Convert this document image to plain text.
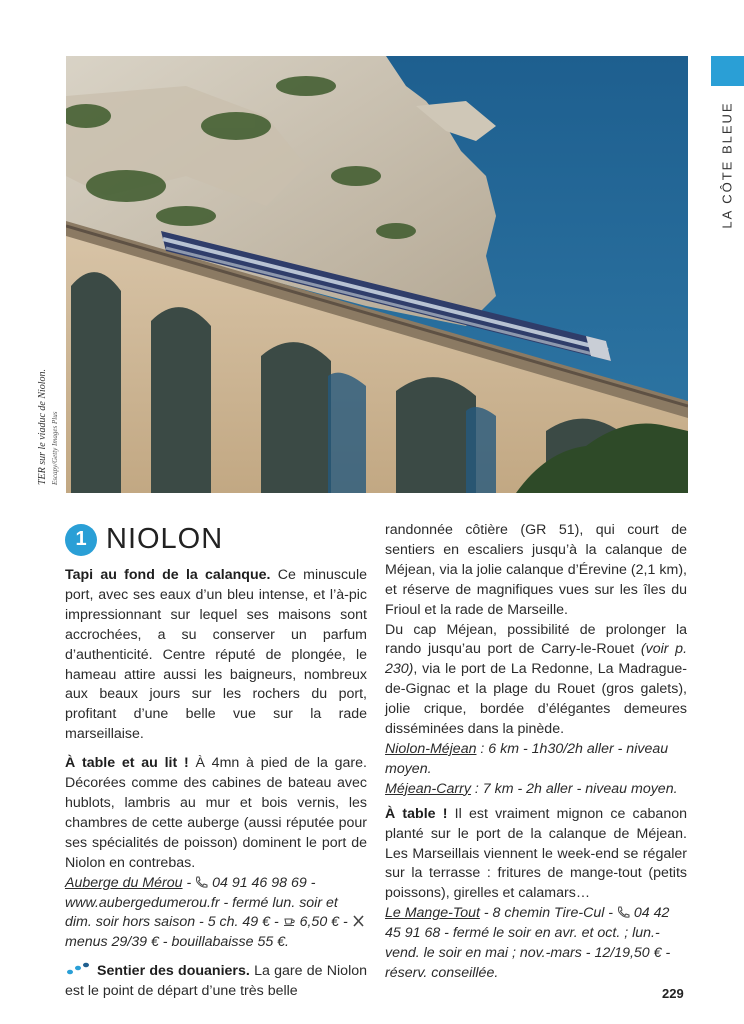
LA CÔTE BLEUE
TER sur le viaduc de Niolon. Escapy/Getty Images Plus
1 NIOLON

Tapi au fond de la calanque. Ce minuscule port, avec ses eaux d’un bleu intense, et l’à-pic impressionnant sur lequel ses maisons sont accrochées, a su conserver un parfum d’authenticité. Centre réputé de plongée, le hameau attire aussi les baigneurs, nombreux aux beaux jours sur les rochers du port, profitant d’une belle vue sur la rade marseillaise.

À table et au lit ! À 4mn à pied de la gare. Décorées comme des cabines de bateau avec hublots, lambris au mur et bois vernis, les chambres de cette auberge (aussi réputée pour ses spécialités de poisson) dominent le port de Niolon en contrebas.

Auberge du Mérou -  04 91 46 98 69 - www.aubergedumerou.fr - fermé lun. soir et dim. soir hors saison - 5 ch. 49 € -  6,50 € -  menus 29/39 € - bouillabaisse 55 €.

Sentier des douaniers. La gare de Niolon est le point de départ d’une très belle

randonnée côtière (GR 51), qui court de sentiers en escaliers jusqu’à la calanque de Méjean, via la jolie calanque d’Érevine (2,1 km), et réserve de magnifiques vues sur les îles du Frioul et la rade de Marseille.

Du cap Méjean, possibilité de prolonger la rando jusqu’au port de Carry-le-Rouet (voir p. 230), via le port de La Redonne, La Madrague-de-Gignac et la plage du Rouet (gros galets), jolie crique, bordée d’élégantes demeures disséminées dans la pinède.

Niolon-Méjean : 6 km - 1h30/2h aller - niveau moyen.

Méjean-Carry : 7 km - 2h aller - niveau moyen.

À table ! Il est vraiment mignon ce cabanon planté sur le port de la calanque de Méjean. Les Marseillais viennent le week-end se régaler sur la terrasse : fritures de mange-tout (petits poissons), girelles et calamars…

Le Mange-Tout - 8 chemin Tire-Cul -  04 42 45 91 68 - fermé le soir en avr. et oct. ; lun.-vend. le soir en mai ; nov.-mars - 12/19,50 € - réserv. conseillée.

229
